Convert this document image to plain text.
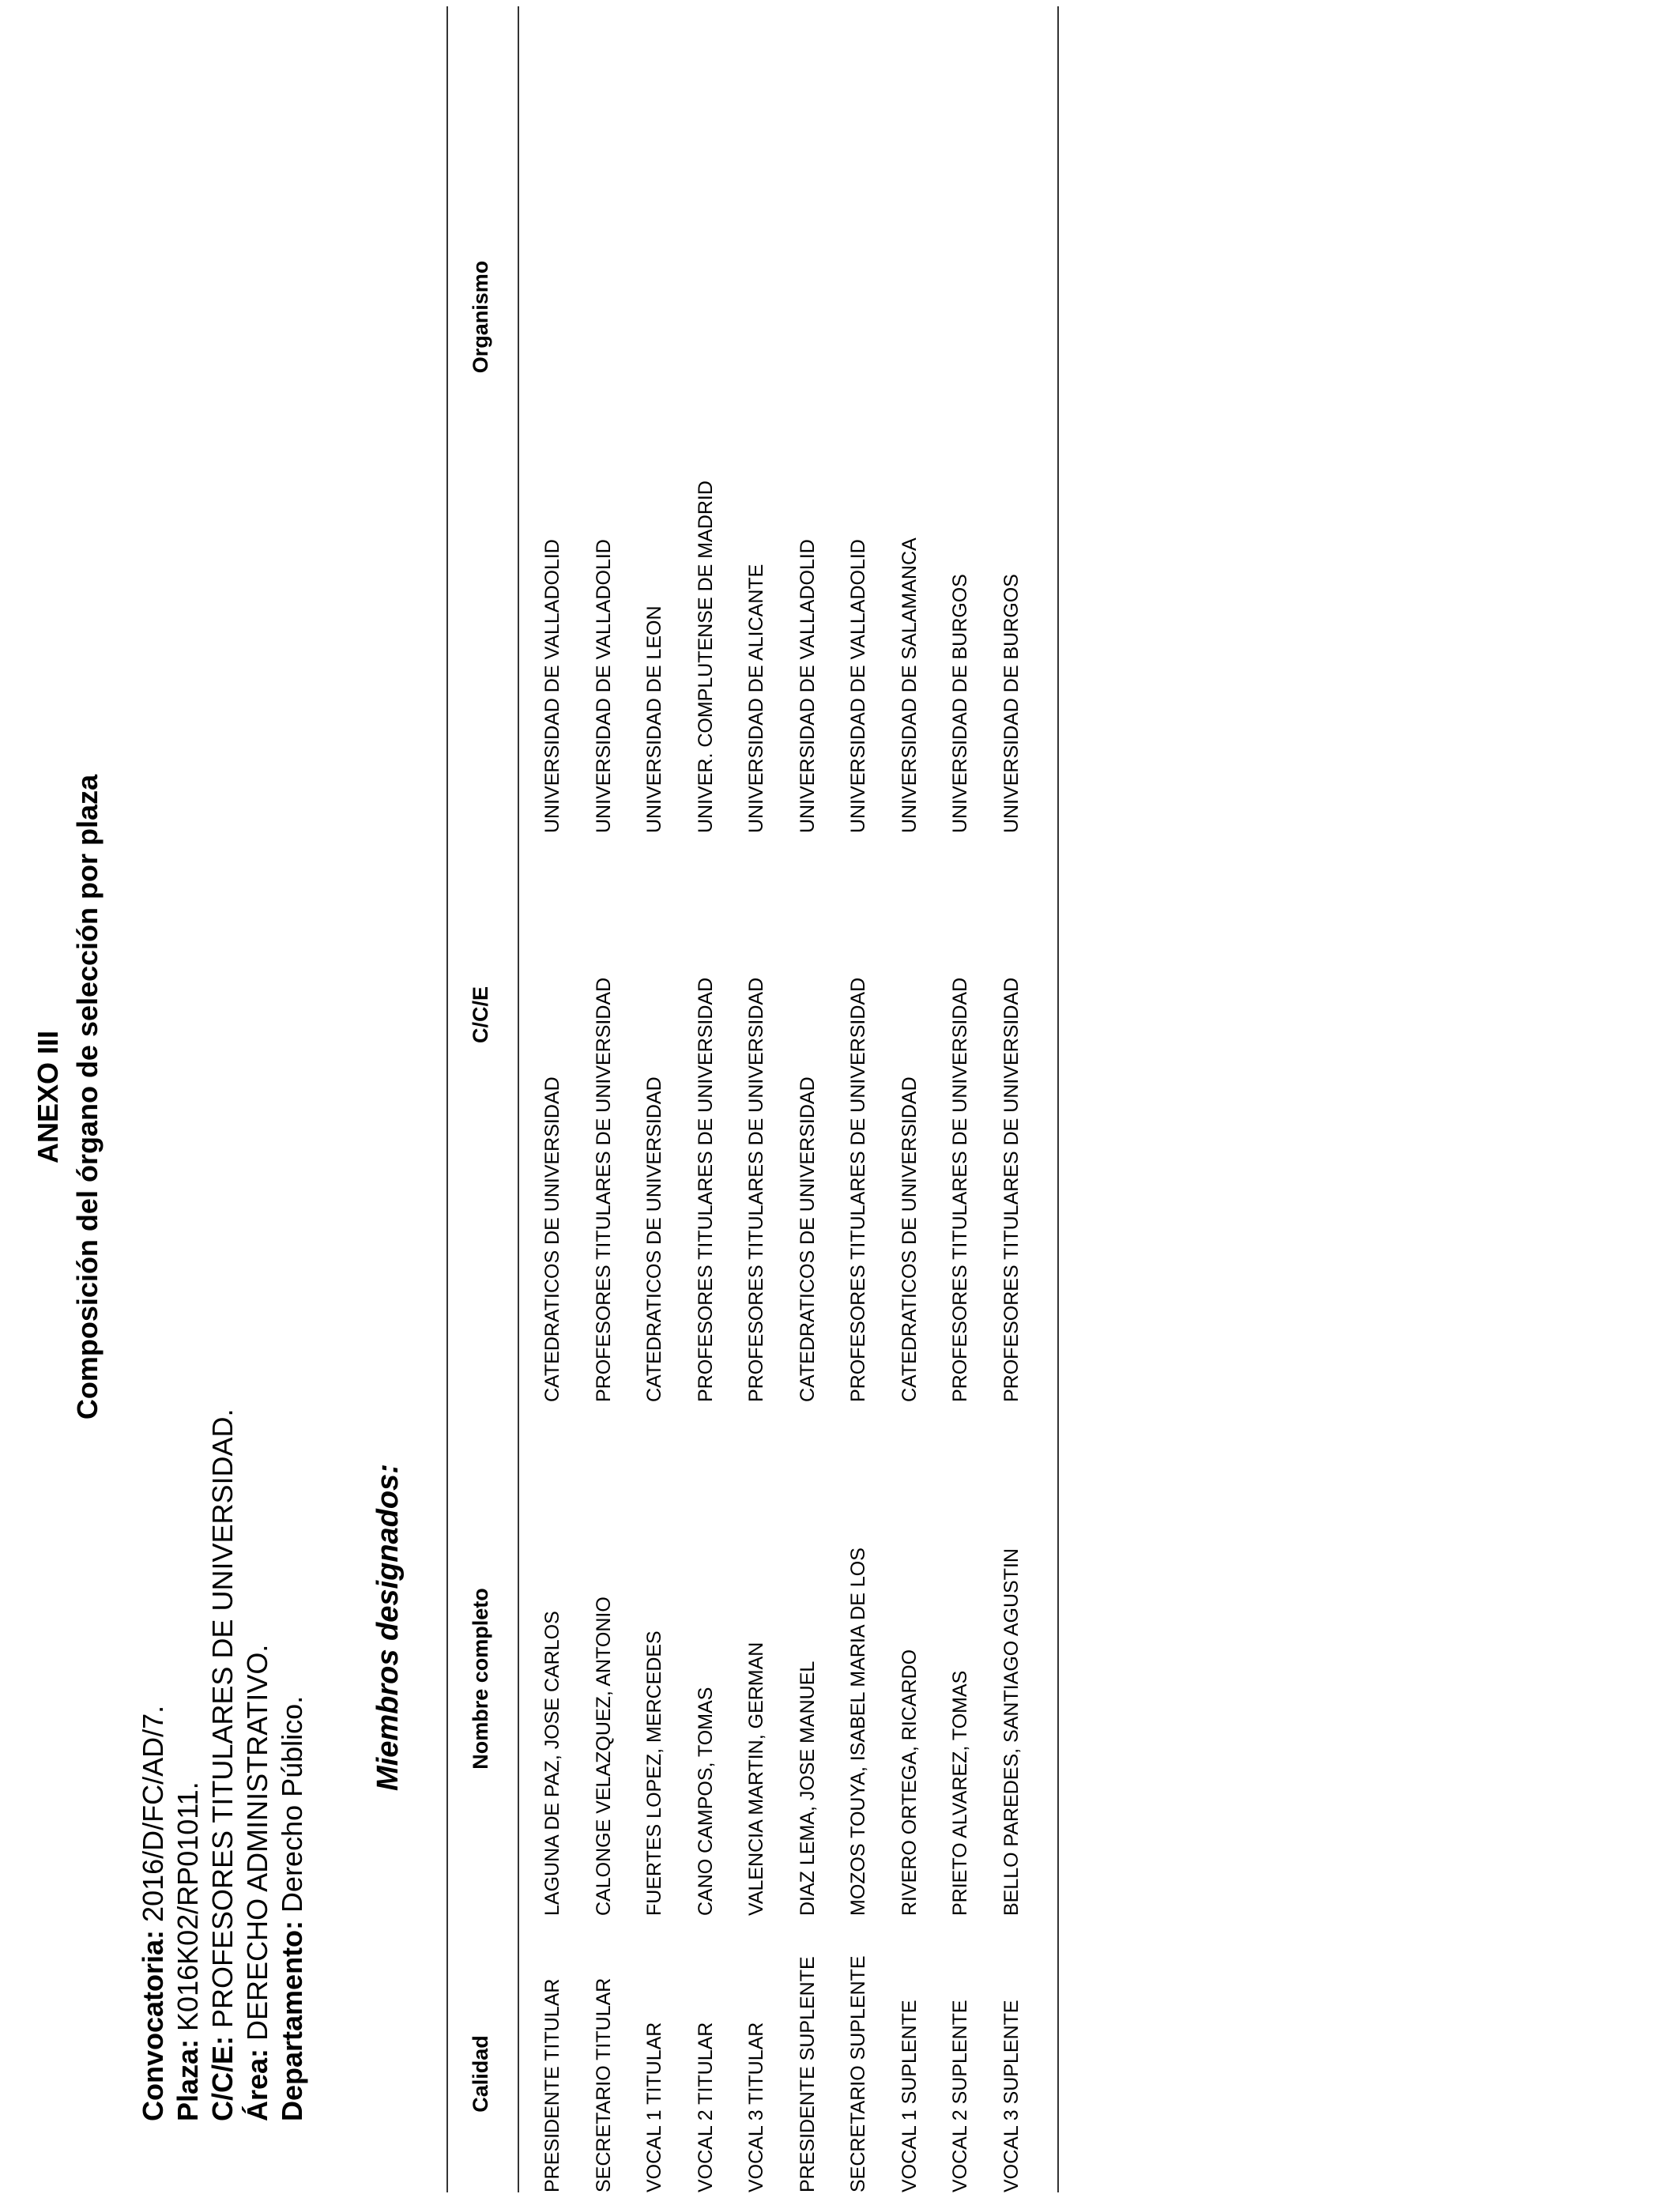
ANEXO III Composición del órgano de selección por plaza
Convocatoria: 2016/D/FC/AD/7.
Plaza: K016K02/RP01011.
C/C/E: PROFESORES TITULARES DE UNIVERSIDAD.
Área: DERECHO ADMINISTRATIVO. Departamento: Derecho Público.
Miembros designados:
Calidad
Nombre completo
C/C/E
Organismo
PRESIDENTE TITULAR
LAGUNA DE PAZ, JOSE CARLOS
CATEDRATICOS DE UNIVERSIDAD
UNIVERSIDAD DE VALLADOLID
SECRETARIO TITULAR
CALONGE VELAZQUEZ, ANTONIO
PROFESORES TITULARES DE UNIVERSIDAD
UNIVERSIDAD DE VALLADOLID
VOCAL 1 TITULAR
FUERTES LOPEZ, MERCEDES
CATEDRATICOS DE UNIVERSIDAD
UNIVERSIDAD DE LEON
VOCAL 2 TITULAR
CANO CAMPOS, TOMAS
PROFESORES TITULARES DE UNIVERSIDAD
UNIVER. COMPLUTENSE DE MADRID
VOCAL 3 TITULAR
VALENCIA MARTIN, GERMAN
PROFESORES TITULARES DE UNIVERSIDAD
UNIVERSIDAD DE ALICANTE
PRESIDENTE SUPLENTE
DIAZ LEMA, JOSE MANUEL
CATEDRATICOS DE UNIVERSIDAD
UNIVERSIDAD DE VALLADOLID
SECRETARIO SUPLENTE
MOZOS TOUYA, ISABEL MARIA DE LOS
PROFESORES TITULARES DE UNIVERSIDAD
UNIVERSIDAD DE VALLADOLID
VOCAL 1 SUPLENTE
RIVERO ORTEGA, RICARDO
CATEDRATICOS DE UNIVERSIDAD
UNIVERSIDAD DE SALAMANCA
VOCAL 2 SUPLENTE
PRIETO ALVAREZ, TOMAS
PROFESORES TITULARES DE UNIVERSIDAD
UNIVERSIDAD DE BURGOS
VOCAL 3 SUPLENTE
BELLO PAREDES, SANTIAGO AGUSTIN
PROFESORES TITULARES DE UNIVERSIDAD
UNIVERSIDAD DE BURGOS
